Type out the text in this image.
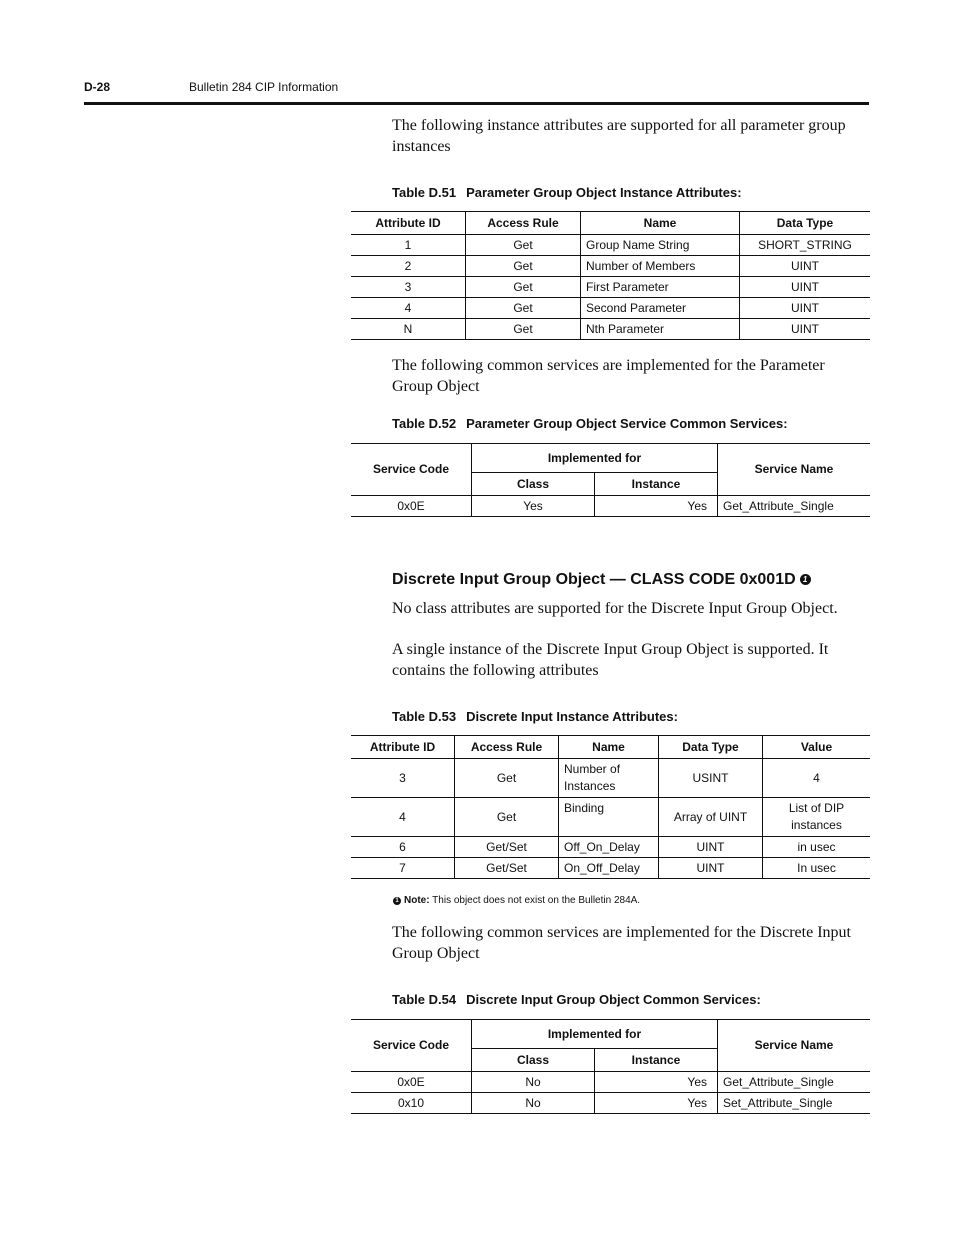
D-28	Bulletin 284 CIP Information

The following instance attributes are supported for all parameter group instances

Table D.51 Parameter Group Object Instance Attributes:
Attribute ID	Access Rule	Name	Data Type
1	Get	Group Name String	SHORT_STRING
2	Get	Number of Members	UINT
3	Get	First Parameter	UINT
4	Get	Second Parameter	UINT
N	Get	Nth Parameter	UINT

The following common services are implemented for the Parameter Group Object

Table D.52 Parameter Group Object Service Common Services:
Service Code	Implemented for		Service Name
	Class	Instance	
0x0E	Yes	Yes	Get_Attribute_Single
Discrete Input Group Object — CLASS CODE 0x001D 1

No class attributes are supported for the Discrete Input Group Object.

A single instance of the Discrete Input Group Object is supported. It contains the following attributes

Table D.53 Discrete Input Instance Attributes:
Attribute ID	Access Rule	Name	Data Type	Value
3	Get	Number of Instances	USINT	4
4	Get	Binding	Array of UINT	List of DIP instances
6	Get/Set	Off_On_Delay	UINT	in usec
7	Get/Set	On_Off_Delay	UINT	In usec
1 Note: This object does not exist on the Bulletin 284A.

The following common services are implemented for the Discrete Input Group Object

Table D.54 Discrete Input Group Object Common Services:
Service Code	Implemented for		Service Name
	Class	Instance	
0x0E	No	Yes	Get_Attribute_Single
0x10	No	Yes	Set_Attribute_Single
